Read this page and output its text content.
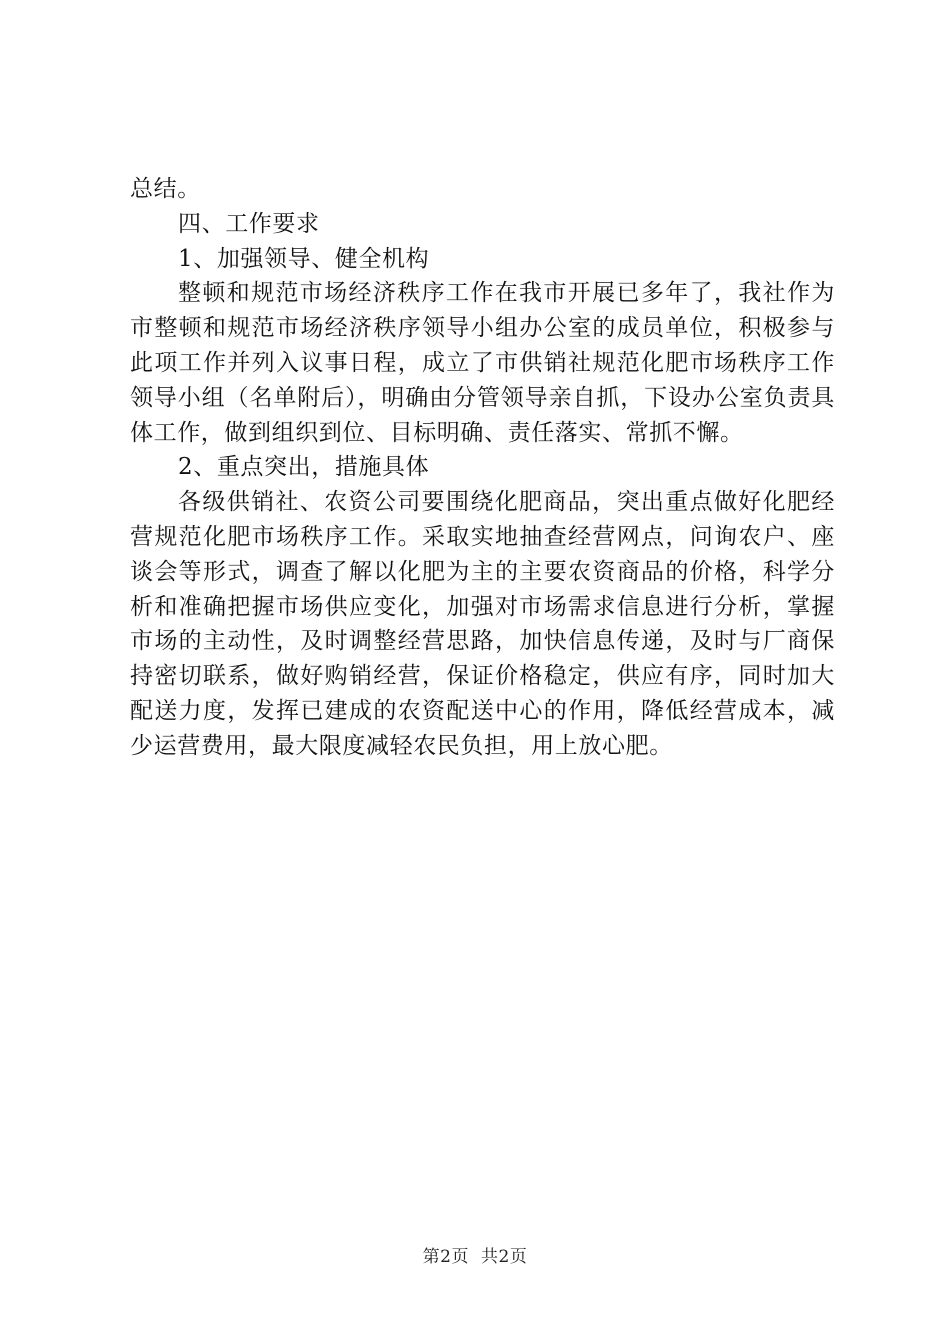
总结。

四、工作要求

1、加强领导、健全机构

整顿和规范市场经济秩序工作在我市开展已多年了，我社作为市整顿和规范市场经济秩序领导小组办公室的成员单位，积极参与此项工作并列入议事日程，成立了市供销社规范化肥市场秩序工作领导小组（名单附后），明确由分管领导亲自抓，下设办公室负责具体工作，做到组织到位、目标明确、责任落实、常抓不懈。

2、重点突出，措施具体

各级供销社、农资公司要围绕化肥商品，突出重点做好化肥经营规范化肥市场秩序工作。采取实地抽查经营网点，问询农户、座谈会等形式，调查了解以化肥为主的主要农资商品的价格，科学分析和准确把握市场供应变化，加强对市场需求信息进行分析，掌握市场的主动性，及时调整经营思路，加快信息传递，及时与厂商保持密切联系，做好购销经营，保证价格稳定，供应有序，同时加大配送力度，发挥已建成的农资配送中心的作用，降低经营成本，减少运营费用，最大限度减轻农民负担，用上放心肥。

第2页 共2页
